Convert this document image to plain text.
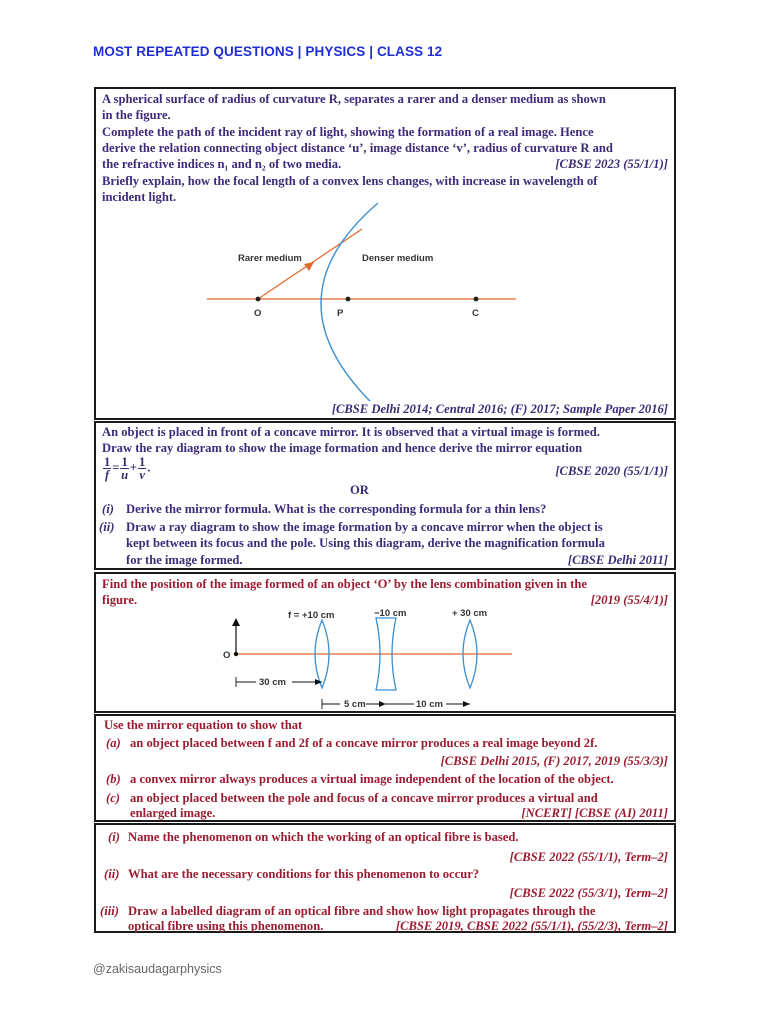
MOST REPEATED QUESTIONS | PHYSICS | CLASS 12
A spherical surface of radius of curvature R, separates a rarer and a denser medium as shown
in the figure.
Complete the path of the incident ray of light, showing the formation of a real image. Hence
derive the relation connecting object distance ‘u’, image distance ‘v’, radius of curvature R and
the refractive indices n₁ and n₂ of two media.	[CBSE 2023 (55/1/1)]
Briefly explain, how the focal length of a convex lens changes, with increase in wavelength of
incident light.
Rarer medium	Denser medium
O	P	C
[CBSE Delhi 2014; Central 2016; (F) 2017; Sample Paper 2016]
An object is placed in front of a concave mirror. It is observed that a virtual image is formed.
Draw the ray diagram to show the image formation and hence derive the mirror equation
$\frac{1}{f} = \frac{1}{u} + \frac{1}{v}$ .	[CBSE 2020 (55/1/1)]
OR
(i) Derive the mirror formula. What is the corresponding formula for a thin lens?
(ii) Draw a ray diagram to show the image formation by a concave mirror when the object is
kept between its focus and the pole. Using this diagram, derive the magnification formula
for the image formed.	[CBSE Delhi 2011]
Find the position of the image formed of an object ‘O’ by the lens combination given in the
figure.	[2019 (55/4/1)]
f = +10 cm	−10 cm	+ 30 cm
O
30 cm
5 cm	10 cm
Use the mirror equation to show that
(a) an object placed between f and 2f of a concave mirror produces a real image beyond 2f.
[CBSE Delhi 2015, (F) 2017, 2019 (55/3/3)]
(b) a convex mirror always produces a virtual image independent of the location of the object.
(c) an object placed between the pole and focus of a concave mirror produces a virtual and
enlarged image.	[NCERT] [CBSE (AI) 2011]
(i) Name the phenomenon on which the working of an optical fibre is based.
[CBSE 2022 (55/1/1), Term–2]
(ii) What are the necessary conditions for this phenomenon to occur?
[CBSE 2022 (55/3/1), Term–2]
(iii) Draw a labelled diagram of an optical fibre and show how light propagates through the
optical fibre using this phenomenon.	[CBSE 2019, CBSE 2022 (55/1/1), (55/2/3), Term–2]
@zakisaudagarphysics
